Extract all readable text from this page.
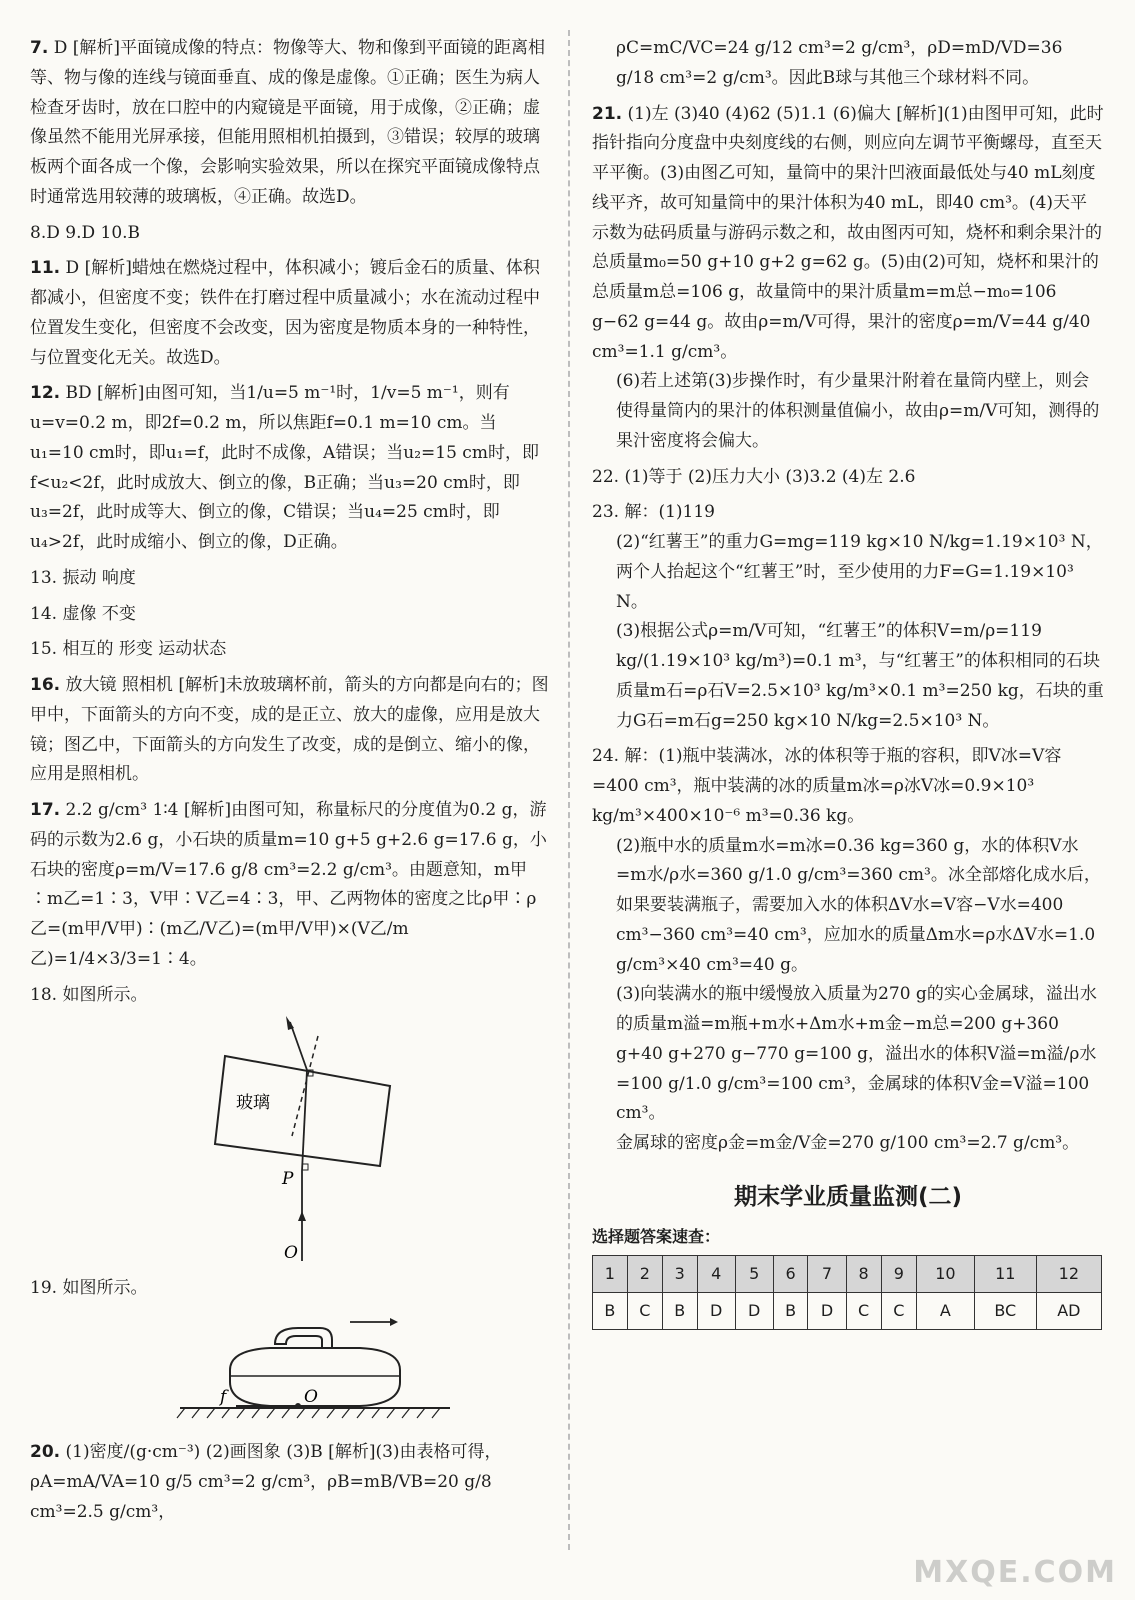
7. D [解析]平面镜成像的特点：物像等大、物和像到平面镜的距离相等、物与像的连线与镜面垂直、成的像是虚像。①正确；医生为病人检查牙齿时，放在口腔中的内窥镜是平面镜，用于成像，②正确；虚像虽然不能用光屏承接，但能用照相机拍摄到，③错误；较厚的玻璃板两个面各成一个像，会影响实验效果，所以在探究平面镜成像特点时通常选用较薄的玻璃板，④正确。故选D。
8.D 9.D 10.B
11. D [解析]蜡烛在燃烧过程中，体积减小；镀后金石的质量、体积都减小，但密度不变；铁件在打磨过程中质量减小；水在流动过程中位置发生变化，但密度不会改变，因为密度是物质本身的一种特性，与位置变化无关。故选D。
12. BD [解析]由图可知，当1/u=5 m⁻¹时，1/v=5 m⁻¹，则有u=v=0.2 m，即2f=0.2 m，所以焦距f=0.1 m=10 cm。当u₁=10 cm时，即u₁=f，此时不成像，A错误；当u₂=15 cm时，即f<u₂<2f，此时成放大、倒立的像，B正确；当u₃=20 cm时，即u₃=2f，此时成等大、倒立的像，C错误；当u₄=25 cm时，即u₄>2f，此时成缩小、倒立的像，D正确。
13. 振动 响度
14. 虚像 不变
15. 相互的 形变 运动状态
16. 放大镜 照相机 [解析]未放玻璃杯前，箭头的方向都是向右的；图甲中，下面箭头的方向不变，成的是正立、放大的虚像，应用是放大镜；图乙中，下面箭头的方向发生了改变，成的是倒立、缩小的像，应用是照相机。
17. 2.2 g/cm³ 1∶4 [解析]由图可知，称量标尺的分度值为0.2 g，游码的示数为2.6 g，小石块的质量m=10 g+5 g+2.6 g=17.6 g，小石块的密度ρ=m/V=17.6 g/8 cm³=2.2 g/cm³。由题意知，m甲∶m乙=1∶3，V甲∶V乙=4∶3，甲、乙两物体的密度之比ρ甲∶ρ乙=(m甲/V甲)∶(m乙/V乙)=(m甲/V甲)×(V乙/m乙)=1/4×3/3=1∶4。
18. 如图所示。
玻璃
P
O
19. 如图所示。
f	O
20. (1)密度/(g·cm⁻³) (2)画图象 (3)B [解析](3)由表格可得，ρA=mA/VA=10 g/5 cm³=2 g/cm³，ρB=mB/VB=20 g/8 cm³=2.5 g/cm³，
ρC=mC/VC=24 g/12 cm³=2 g/cm³，ρD=mD/VD=36 g/18 cm³=2 g/cm³。因此B球与其他三个球材料不同。
21. (1)左 (3)40 (4)62 (5)1.1 (6)偏大 [解析](1)由图甲可知，此时指针指向分度盘中央刻度线的右侧，则应向左调节平衡螺母，直至天平平衡。(3)由图乙可知，量筒中的果汁凹液面最低处与40 mL刻度线平齐，故可知量筒中的果汁体积为40 mL，即40 cm³。(4)天平示数为砝码质量与游码示数之和，故由图丙可知，烧杯和剩余果汁的总质量m₀=50 g+10 g+2 g=62 g。(5)由(2)可知，烧杯和果汁的总质量m总=106 g，故量筒中的果汁质量m=m总−m₀=106 g−62 g=44 g。故由ρ=m/V可得，果汁的密度ρ=m/V=44 g/40 cm³=1.1 g/cm³。
(6)若上述第(3)步操作时，有少量果汁附着在量筒内壁上，则会使得量筒内的果汁的体积测量值偏小，故由ρ=m/V可知，测得的果汁密度将会偏大。
22. (1)等于 (2)压力大小 (3)3.2 (4)左 2.6
23. 解：(1)119
(2)“红薯王”的重力G=mg=119 kg×10 N/kg=1.19×10³ N，两个人抬起这个“红薯王”时，至少使用的力F=G=1.19×10³ N。
(3)根据公式ρ=m/V可知，“红薯王”的体积V=m/ρ=119 kg/(1.19×10³ kg/m³)=0.1 m³，与“红薯王”的体积相同的石块质量m石=ρ石V=2.5×10³ kg/m³×0.1 m³=250 kg，石块的重力G石=m石g=250 kg×10 N/kg=2.5×10³ N。
24. 解：(1)瓶中装满冰，冰的体积等于瓶的容积，即V冰=V容=400 cm³，瓶中装满的冰的质量m冰=ρ冰V冰=0.9×10³ kg/m³×400×10⁻⁶ m³=0.36 kg。
(2)瓶中水的质量m水=m冰=0.36 kg=360 g，水的体积V水=m水/ρ水=360 g/1.0 g/cm³=360 cm³。冰全部熔化成水后，如果要装满瓶子，需要加入水的体积ΔV水=V容−V水=400 cm³−360 cm³=40 cm³，应加水的质量Δm水=ρ水ΔV水=1.0 g/cm³×40 cm³=40 g。
(3)向装满水的瓶中缓慢放入质量为270 g的实心金属球，溢出水的质量m溢=m瓶+m水+Δm水+m金−m总=200 g+360 g+40 g+270 g−770 g=100 g，溢出水的体积V溢=m溢/ρ水=100 g/1.0 g/cm³=100 cm³，金属球的体积V金=V溢=100 cm³。
金属球的密度ρ金=m金/V金=270 g/100 cm³=2.7 g/cm³。
期末学业质量监测(二)
选择题答案速查：
1	2	3	4	5	6	7	8	9	10	11	12
B	C	B	D	D	B	D	C	C	A	BC	AD
MXQE.COM
